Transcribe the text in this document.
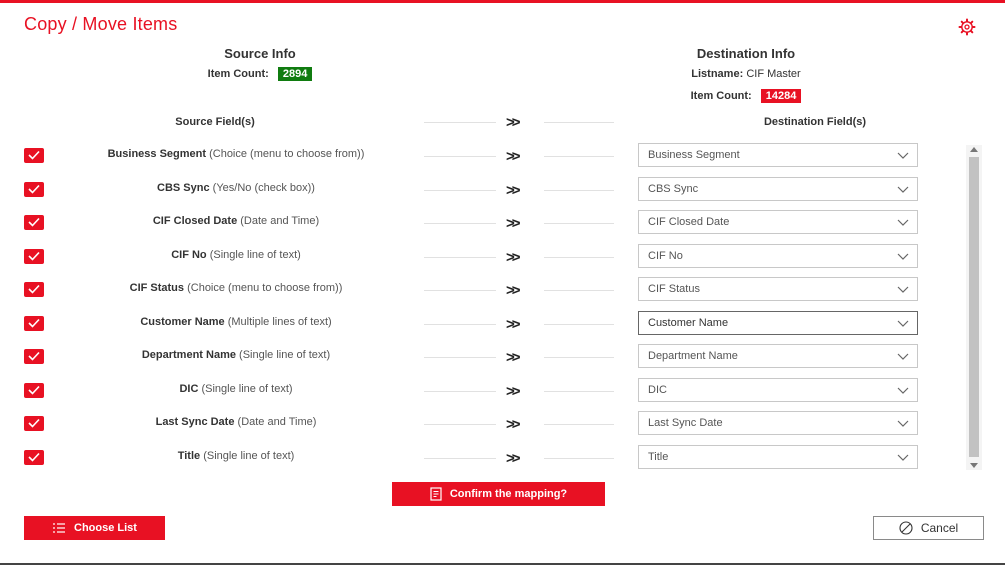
Copy / Move Items
Source Info
Item Count: 2894
Destination Info
Listname: CIF Master
Item Count: 14284
Source Field(s)	>>	Destination Field(s)
Business Segment (Choice (menu to choose from))	>>	Business Segment
CBS Sync (Yes/No (check box))	>>	CBS Sync
CIF Closed Date (Date and Time)	>>	CIF Closed Date
CIF No (Single line of text)	>>	CIF No
CIF Status (Choice (menu to choose from))	>>	CIF Status
Customer Name (Multiple lines of text)	>>	Customer Name
Department Name (Single line of text)	>>	Department Name
DIC (Single line of text)	>>	DIC
Last Sync Date (Date and Time)	>>	Last Sync Date
Title (Single line of text)	>>	Title
Confirm the mapping?
Choose List	Cancel
